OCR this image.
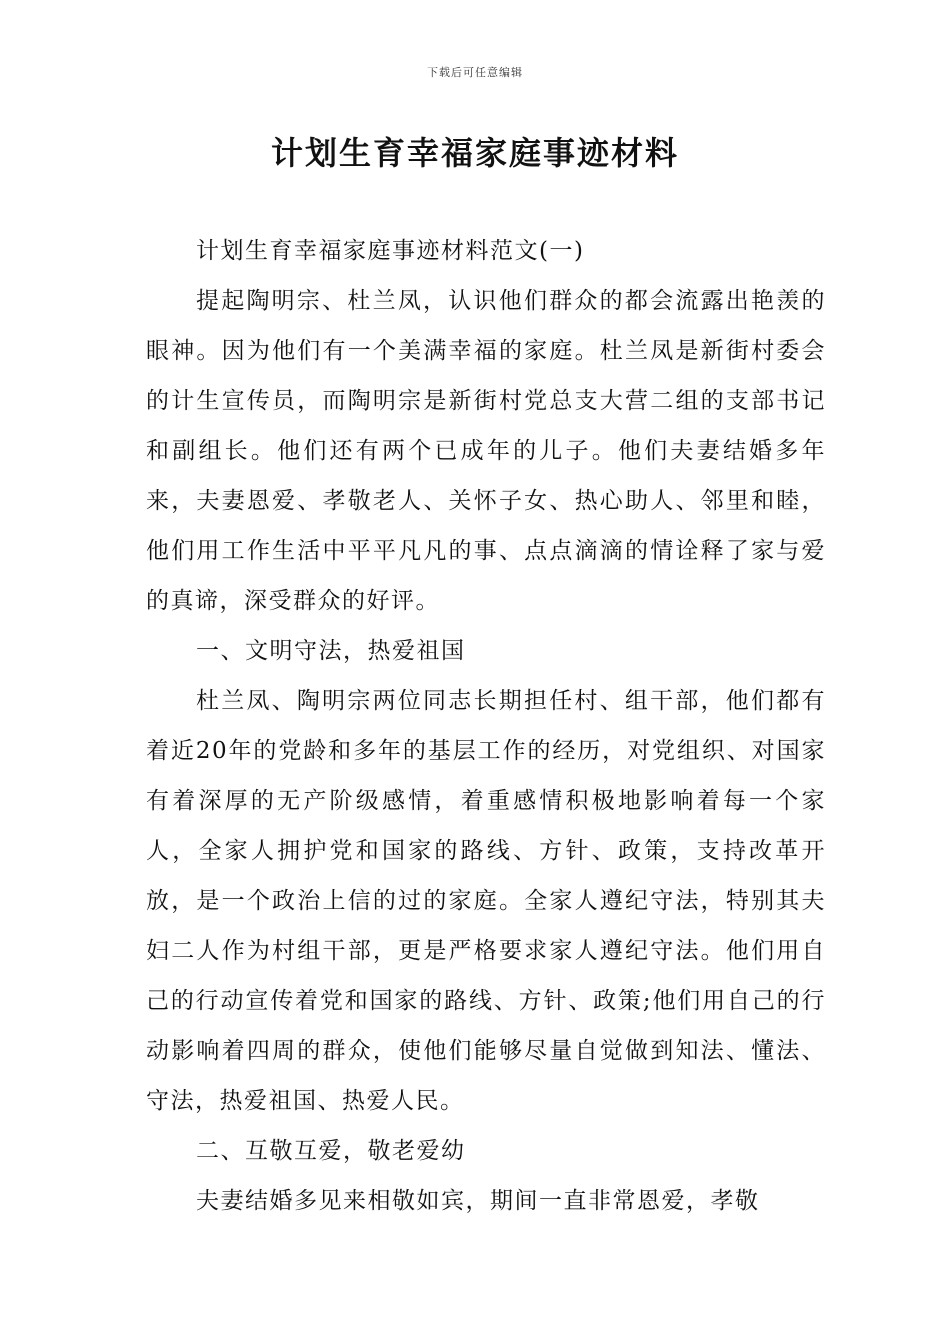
下载后可任意编辑
计划生育幸福家庭事迹材料

计划生育幸福家庭事迹材料范文(一)

提起陶明宗、杜兰凤，认识他们群众的都会流露出艳羡的眼神。因为他们有一个美满幸福的家庭。杜兰凤是新街村委会的计生宣传员，而陶明宗是新街村党总支大营二组的支部书记和副组长。他们还有两个已成年的儿子。他们夫妻结婚多年来，夫妻恩爱、孝敬老人、关怀子女、热心助人、邻里和睦，他们用工作生活中平平凡凡的事、点点滴滴的情诠释了家与爱的真谛，深受群众的好评。

一、文明守法，热爱祖国

杜兰凤、陶明宗两位同志长期担任村、组干部，他们都有着近20年的党龄和多年的基层工作的经历，对党组织、对国家有着深厚的无产阶级感情，着重感情积极地影响着每一个家人，全家人拥护党和国家的路线、方针、政策，支持改革开放，是一个政治上信的过的家庭。全家人遵纪守法，特别其夫妇二人作为村组干部，更是严格要求家人遵纪守法。他们用自己的行动宣传着党和国家的路线、方针、政策;他们用自己的行动影响着四周的群众，使他们能够尽量自觉做到知法、懂法、守法，热爱祖国、热爱人民。

二、互敬互爱，敬老爱幼

夫妻结婚多见来相敬如宾，期间一直非常恩爱，孝敬
